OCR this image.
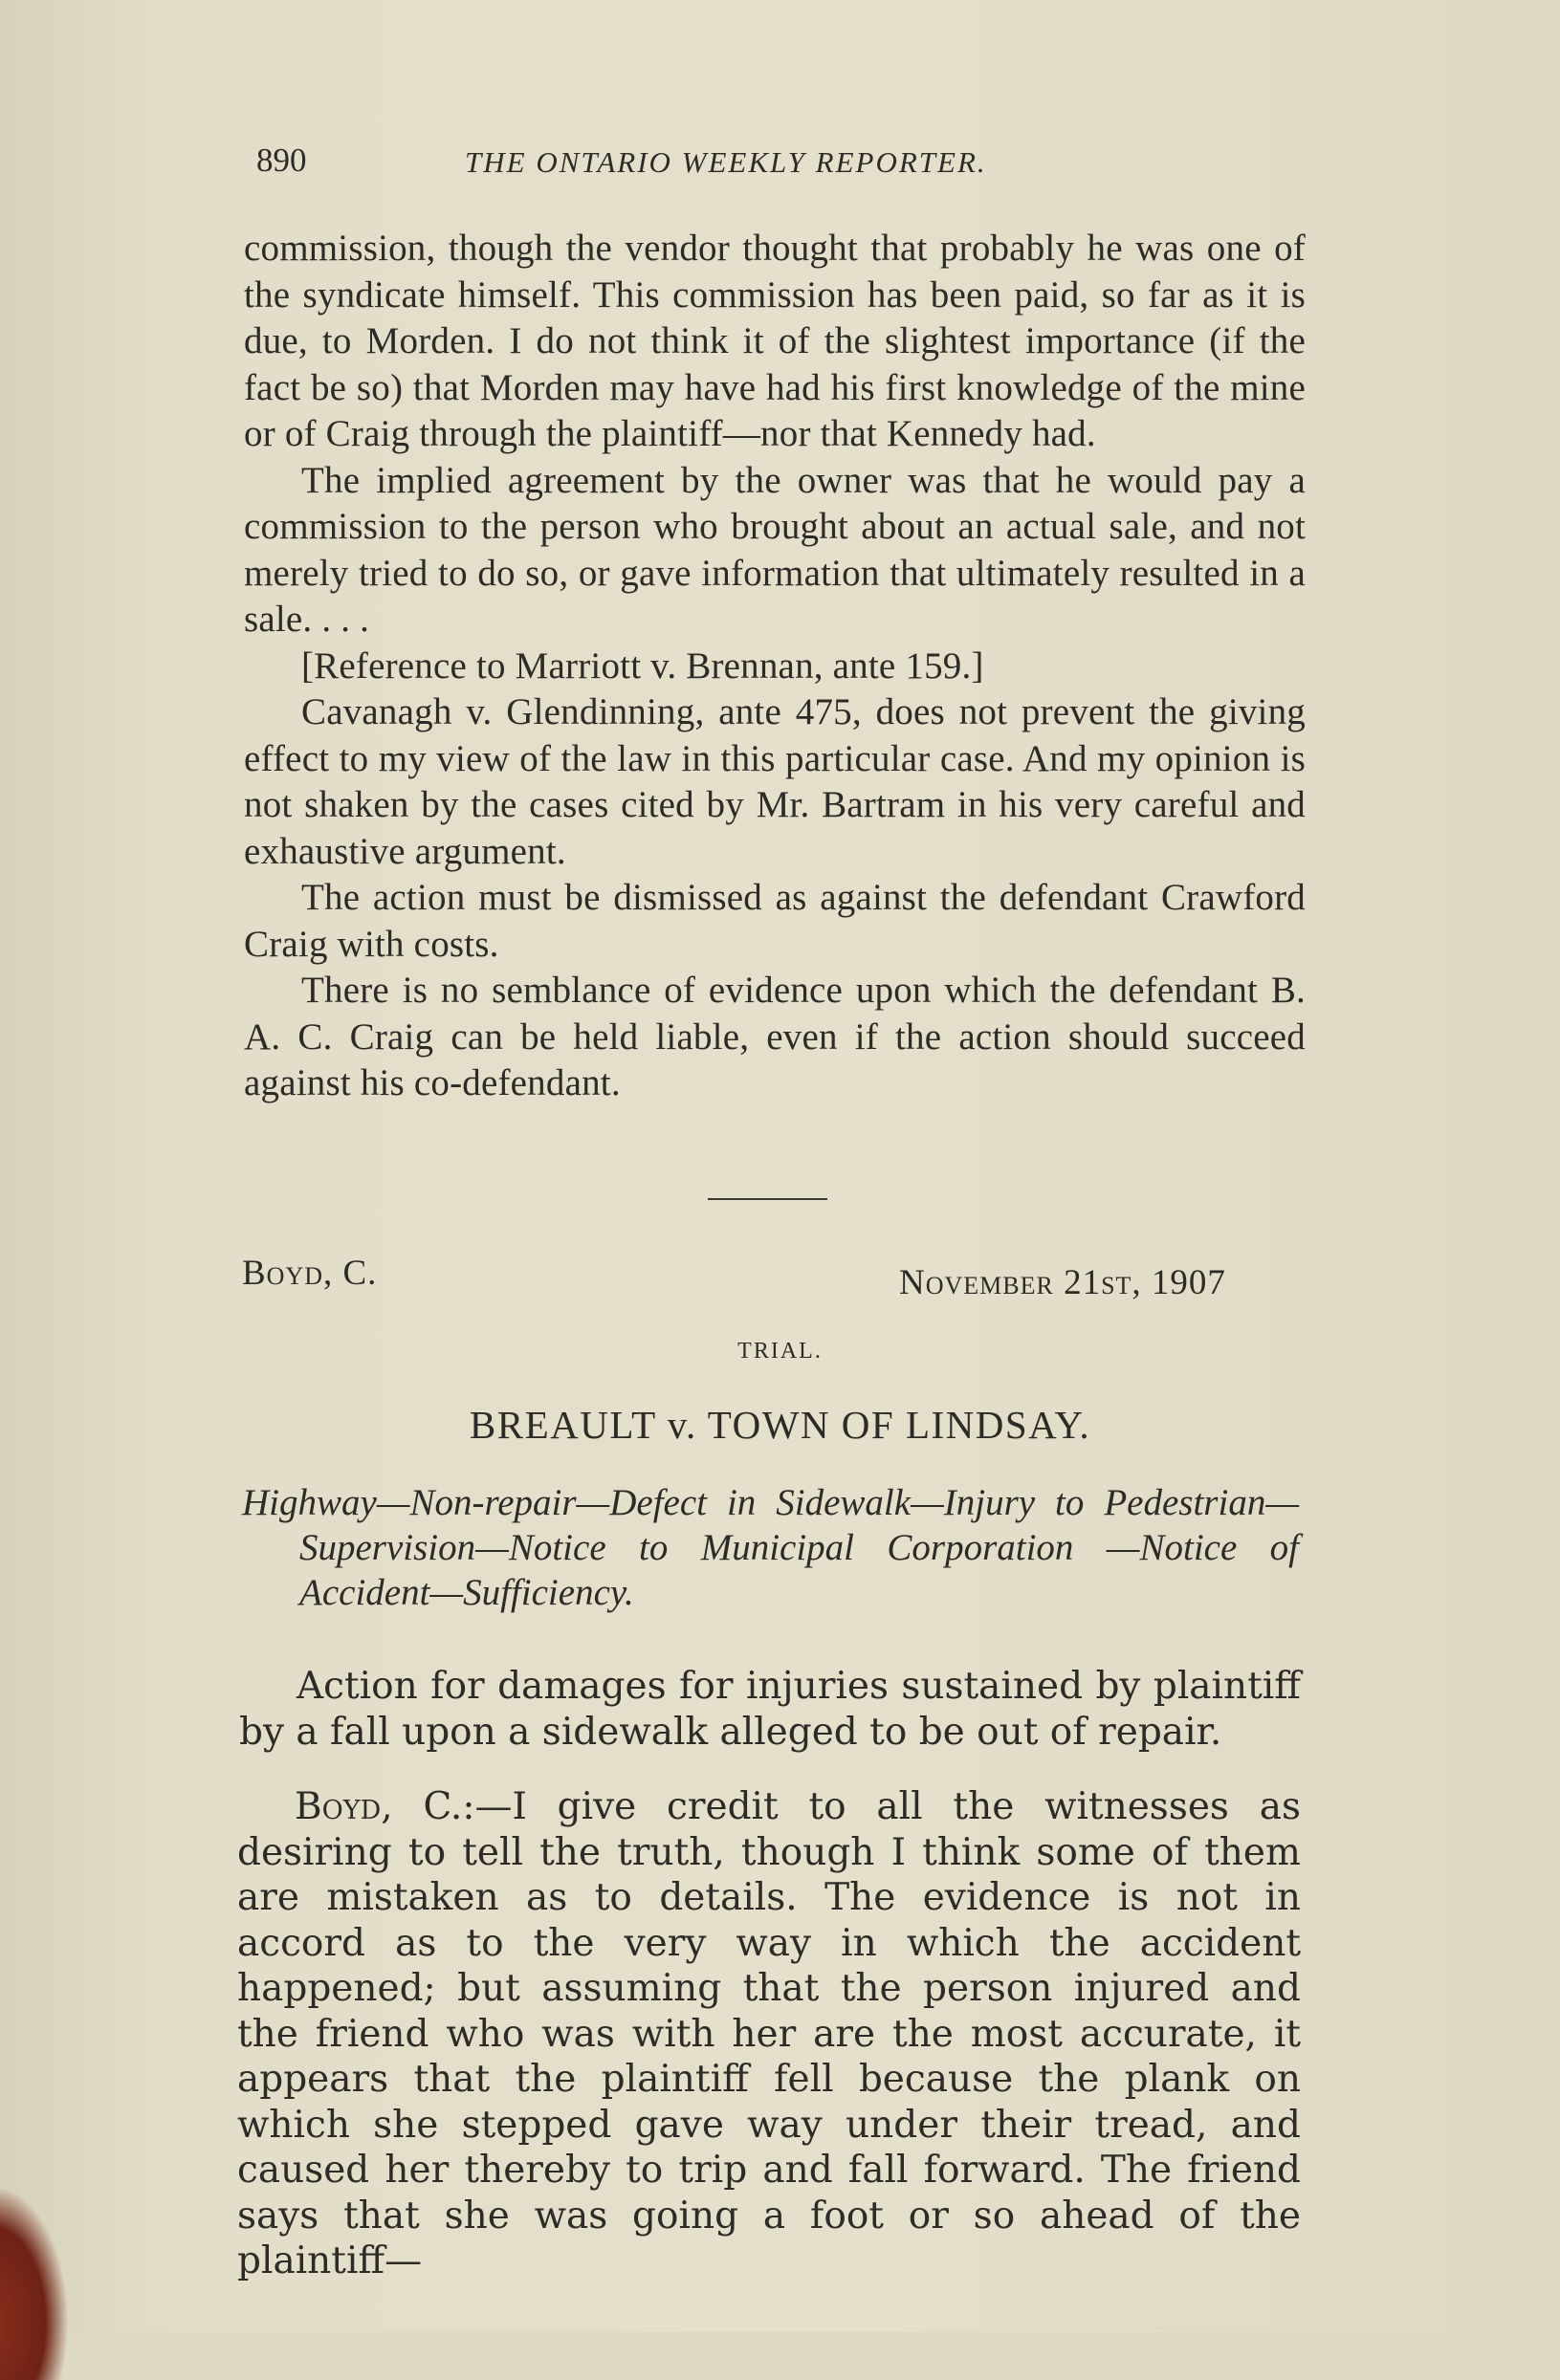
890	THE ONTARIO WEEKLY REPORTER.

commission, though the vendor thought that probably he was one of the syndicate himself. This commission has been paid, so far as it is due, to Morden. I do not think it of the slightest importance (if the fact be so) that Morden may have had his first knowledge of the mine or of Craig through the plaintiff—nor that Kennedy had.

The implied agreement by the owner was that he would pay a commission to the person who brought about an actual sale, and not merely tried to do so, or gave information that ultimately resulted in a sale. . . .

[Reference to Marriott v. Brennan, ante 159.]

Cavanagh v. Glendinning, ante 475, does not prevent the giving effect to my view of the law in this particular case. And my opinion is not shaken by the cases cited by Mr. Bartram in his very careful and exhaustive argument.

The action must be dismissed as against the defendant Crawford Craig with costs.

There is no semblance of evidence upon which the defendant B. A. C. Craig can be held liable, even if the action should succeed against his co-defendant.

Boyd, C.	November 21st, 1907
TRIAL.
BREAULT v. TOWN OF LINDSAY.
Highway—Non-repair—Defect in Sidewalk—Injury to Pedestrian—Supervision—Notice to Municipal Corporation —Notice of Accident—Sufficiency.

Action for damages for injuries sustained by plaintiff by a fall upon a sidewalk alleged to be out of repair.

Boyd, C.:—I give credit to all the witnesses as desiring to tell the truth, though I think some of them are mistaken as to details. The evidence is not in accord as to the very way in which the accident happened; but assuming that the person injured and the friend who was with her are the most accurate, it appears that the plaintiff fell because the plank on which she stepped gave way under their tread, and caused her thereby to trip and fall forward. The friend says that she was going a foot or so ahead of the plaintiff—
